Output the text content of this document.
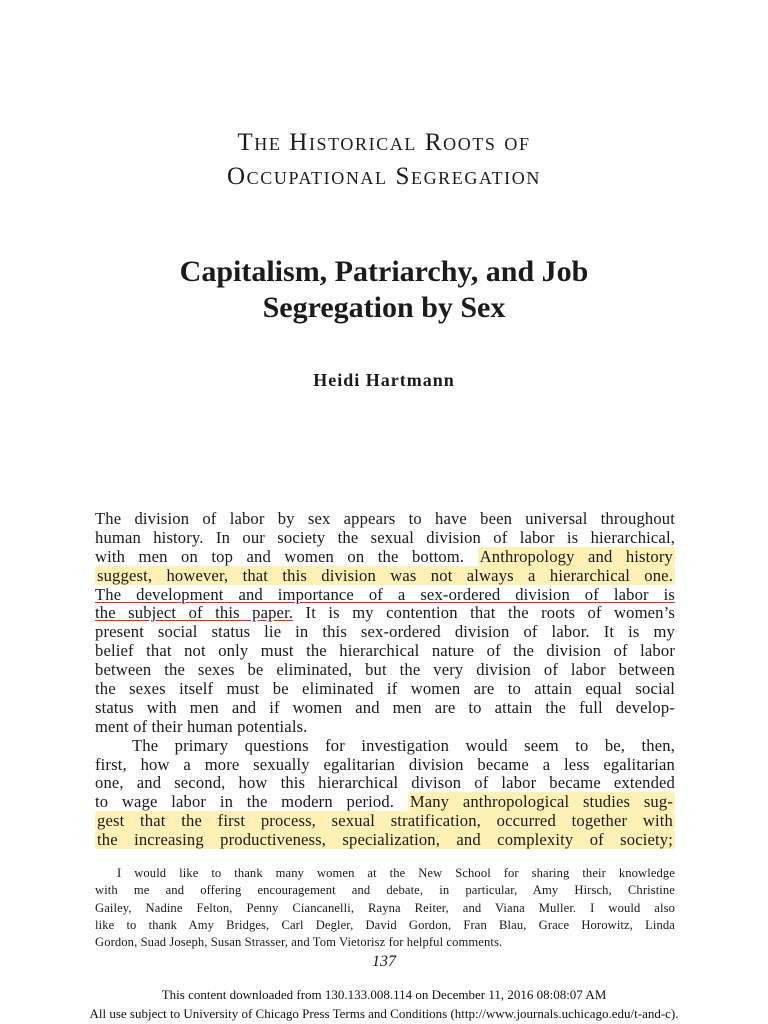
The Historical Roots of
Occupational Segregation
Capitalism, Patriarchy, and Job
Segregation by Sex
Heidi Hartmann
The division of labor by sex appears to have been universal throughout
human history. In our society the sexual division of labor is hierarchical,
with men on top and women on the bottom. Anthropology and history
suggest, however, that this division was not always a hierarchical one.
The development and importance of a sex-ordered division of labor is
the subject of this paper. It is my contention that the roots of women’s
present social status lie in this sex-ordered division of labor. It is my
belief that not only must the hierarchical nature of the division of labor
between the sexes be eliminated, but the very division of labor between
the sexes itself must be eliminated if women are to attain equal social
status with men and if women and men are to attain the full develop-
ment of their human potentials.
The primary questions for investigation would seem to be, then,
first, how a more sexually egalitarian division became a less egalitarian
one, and second, how this hierarchical divison of labor became extended
to wage labor in the modern period. Many anthropological studies sug-
gest that the first process, sexual stratification, occurred together with
the increasing productiveness, specialization, and complexity of society;
I would like to thank many women at the New School for sharing their knowledge
with me and offering encouragement and debate, in particular, Amy Hirsch, Christine
Gailey, Nadine Felton, Penny Ciancanelli, Rayna Reiter, and Viana Muller. I would also
like to thank Amy Bridges, Carl Degler, David Gordon, Fran Blau, Grace Horowitz, Linda
Gordon, Suad Joseph, Susan Strasser, and Tom Vietorisz for helpful comments.
137
This content downloaded from 130.133.008.114 on December 11, 2016 08:08:07 AM
All use subject to University of Chicago Press Terms and Conditions (http://www.journals.uchicago.edu/t-and-c).
